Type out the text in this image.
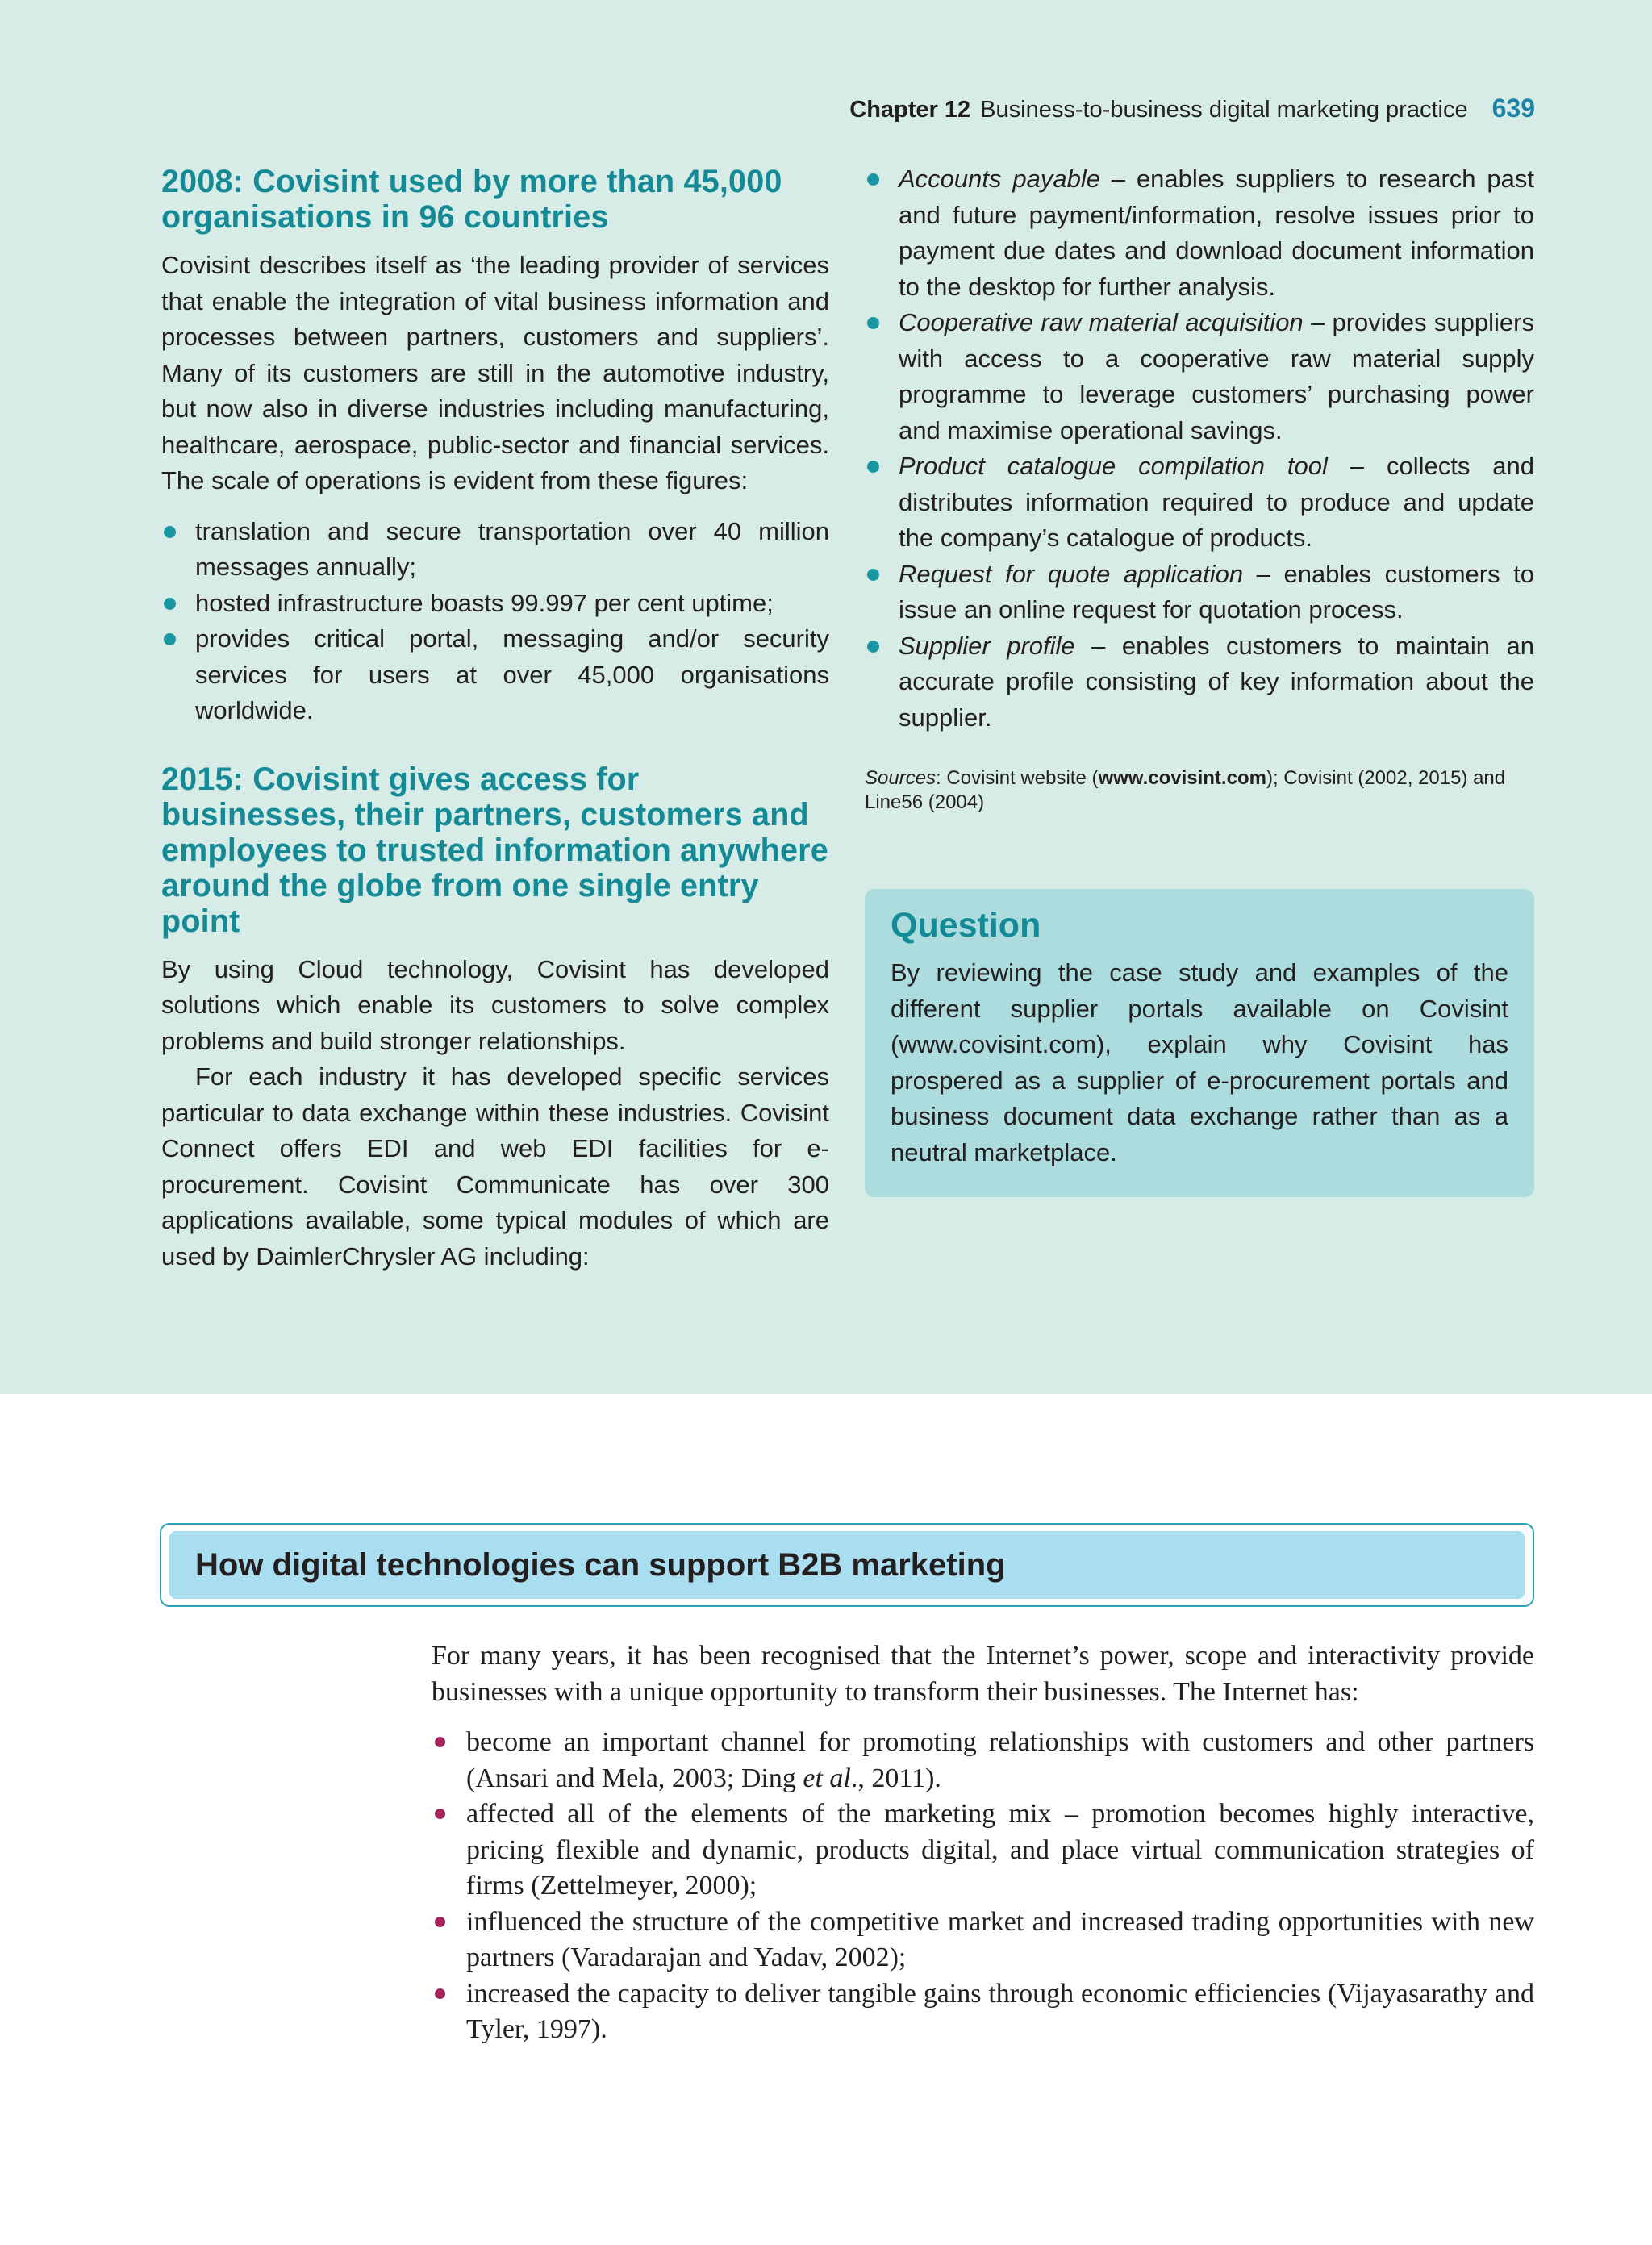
Chapter 12 Business-to-business digital marketing practice 639
2008: Covisint used by more than 45,000 organisations in 96 countries

Covisint describes itself as ‘the leading provider of services that enable the integration of vital business information and processes between partners, customers and suppliers’. Many of its customers are still in the automotive industry, but now also in diverse industries including manufacturing, healthcare, aerospace, public-sector and financial services. The scale of operations is evident from these figures:

translation and secure transportation over 40 million messages annually;
hosted infrastructure boasts 99.997 per cent uptime;
provides critical portal, messaging and/or security services for users at over 45,000 organisations worldwide.
2015: Covisint gives access for businesses, their partners, customers and employees to trusted information anywhere around the globe from one single entry point

By using Cloud technology, Covisint has developed solutions which enable its customers to solve complex problems and build stronger relationships.

For each industry it has developed specific services particular to data exchange within these industries. Covisint Connect offers EDI and web EDI facilities for e-procurement. Covisint Communicate has over 300 applications available, some typical modules of which are used by DaimlerChrysler AG including:

Accounts payable – enables suppliers to research past and future payment/information, resolve issues prior to payment due dates and download document information to the desktop for further analysis.
Cooperative raw material acquisition – provides suppliers with access to a cooperative raw material supply programme to leverage customers’ purchasing power and maximise operational savings.
Product catalogue compilation tool – collects and distributes information required to produce and update the company’s catalogue of products.
Request for quote application – enables customers to issue an online request for quotation process.
Supplier profile – enables customers to maintain an accurate profile consisting of key information about the supplier.
Sources: Covisint website (www.covisint.com); Covisint (2002, 2015) and Line56 (2004)
Question

By reviewing the case study and examples of the different supplier portals available on Covisint (www.covisint.com), explain why Covisint has prospered as a supplier of e-procurement portals and business document data exchange rather than as a neutral marketplace.

How digital technologies can support B2B marketing

For many years, it has been recognised that the Internet’s power, scope and interactivity provide businesses with a unique opportunity to transform their businesses. The Internet has:

become an important channel for promoting relationships with customers and other partners (Ansari and Mela, 2003; Ding et al., 2011).
affected all of the elements of the marketing mix – promotion becomes highly interactive, pricing flexible and dynamic, products digital, and place virtual communication strategies of firms (Zettelmeyer, 2000);
influenced the structure of the competitive market and increased trading opportunities with new partners (Varadarajan and Yadav, 2002);
increased the capacity to deliver tangible gains through economic efficiencies (Vijayasarathy and Tyler, 1997).
